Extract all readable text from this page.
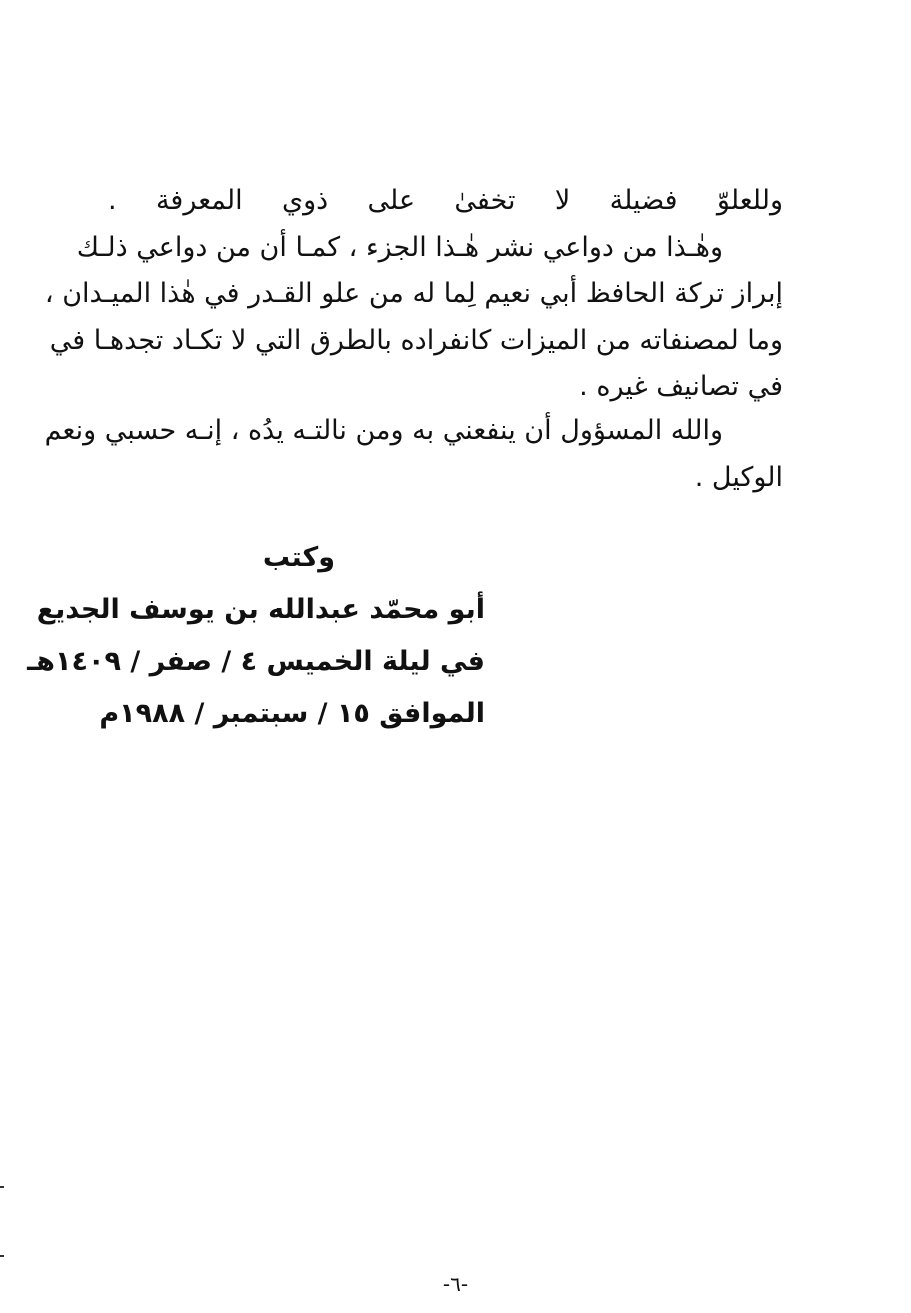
وللعلوّ فضيلة لا تخفىٰ على ذوي المعرفة .
وهٰـذا من دواعي نشر هٰـذا الجزء ، كمـا أن من دواعي ذلـك
إبراز تركة الحافظ أبي نعيم لِما له من علو القـدر في هٰذا الميـدان ،
وما لمصنفاته من الميزات كانفراده بالطرق التي لا تكـاد تجدهـا في
في تصانيف غيره .

والله المسؤول أن ينفعني به ومن نالتـه يدُه ، إنـه حسبي ونعم
الوكيل .

وكتب
أبو محمّد عبدالله بن يوسف الجديع
في ليلة الخميس ٤ / صفر / ١٤٠٩هـ
الموافق ١٥ / سبتمبر / ١٩٨٨م
-٦-
